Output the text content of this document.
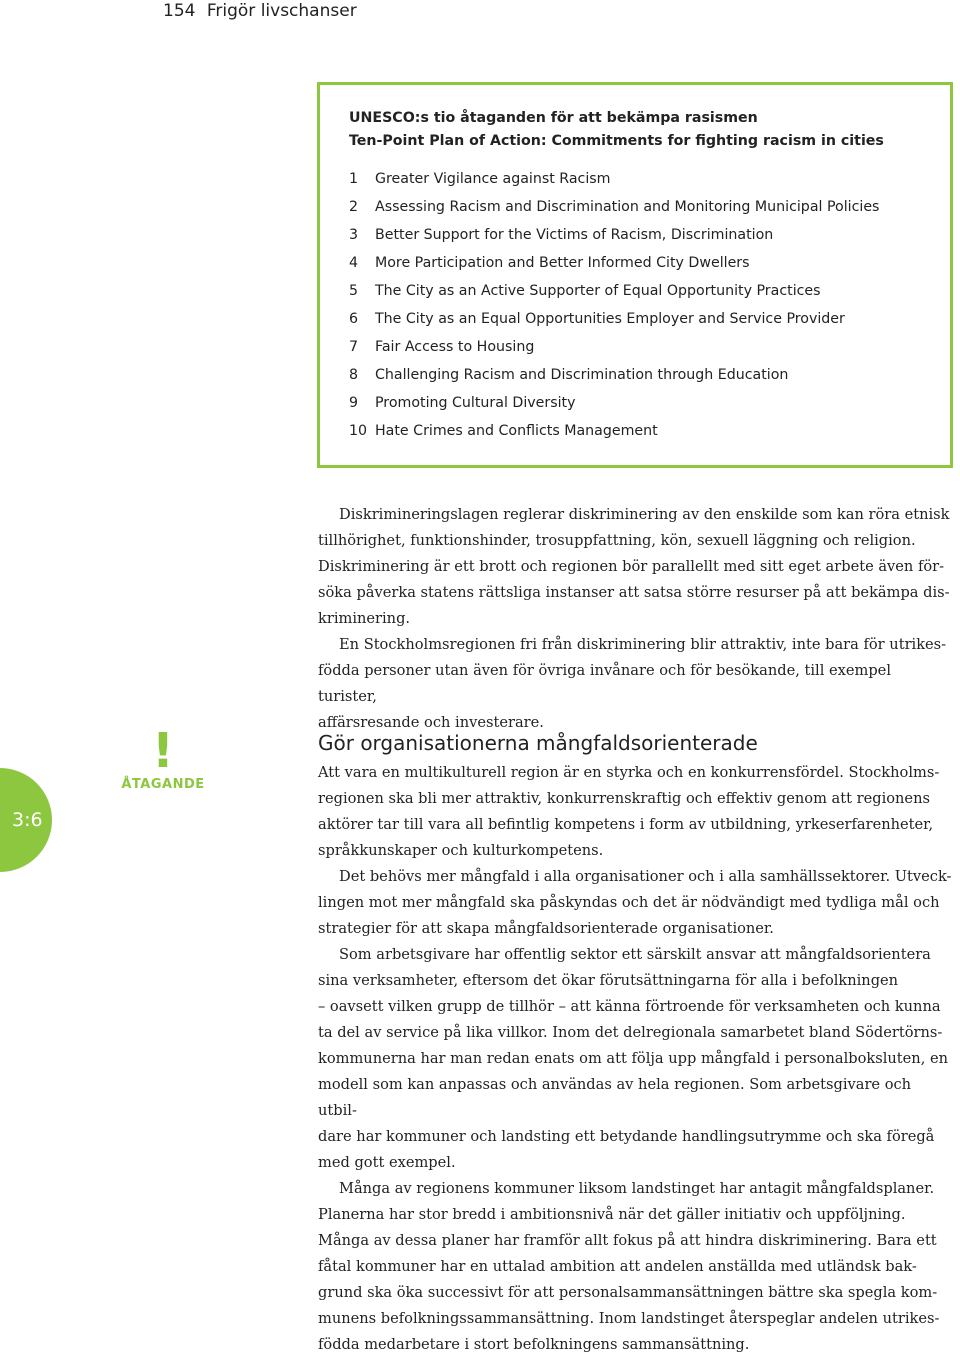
154 Frigör livschanser
UNESCO:s tio åtaganden för att bekämpa rasismen
Ten-Point Plan of Action: Commitments for fighting racism in cities
1	Greater Vigilance against Racism
2	Assessing Racism and Discrimination and Monitoring Municipal Policies
3	Better Support for the Victims of Racism, Discrimination
4	More Participation and Better Informed City Dwellers
5	The City as an Active Supporter of Equal Opportunity Practices
6	The City as an Equal Opportunities Employer and Service Provider
7	Fair Access to Housing
8	Challenging Racism and Discrimination through Education
9	Promoting Cultural Diversity
10 Hate Crimes and Conflicts Management

Diskrimineringslagen reglerar diskriminering av den enskilde som kan röra etnisk
tillhörighet, funktionshinder, trosuppfattning, kön, sexuell läggning och religion.
Diskriminering är ett brott och regionen bör parallellt med sitt eget arbete även för-
söka påverka statens rättsliga instanser att satsa större resurser på att bekämpa dis-
kriminering.

En Stockholmsregionen fri från diskriminering blir attraktiv, inte bara för utrikes-
födda personer utan även för övriga invånare och för besökande, till exempel turister,
affärsresande och investerare.

3:6
!
ÅTAGANDE
Gör organisationerna mångfaldsorienterade

Att vara en multikulturell region är en styrka och en konkurrensfördel. Stockholms-
regionen ska bli mer attraktiv, konkurrenskraftig och effektiv genom att regionens
aktörer tar till vara all befintlig kompetens i form av utbildning, yrkeserfarenheter,
språkkunskaper och kulturkompetens.

Det behövs mer mångfald i alla organisationer och i alla samhällssektorer. Utveck-
lingen mot mer mångfald ska påskyndas och det är nödvändigt med tydliga mål och
strategier för att skapa mångfaldsorienterade organisationer.

Som arbetsgivare har offentlig sektor ett särskilt ansvar att mångfaldsorientera
sina verksamheter, eftersom det ökar förutsättningarna för alla i befolkningen
– oavsett vilken grupp de tillhör – att känna förtroende för verksamheten och kunna
ta del av service på lika villkor. Inom det delregionala samarbetet bland Södertörns-
kommunerna har man redan enats om att följa upp mångfald i personalboksluten, en
modell som kan anpassas och användas av hela regionen. Som arbetsgivare och utbil-
dare har kommuner och landsting ett betydande handlingsutrymme och ska föregå
med gott exempel.

Många av regionens kommuner liksom landstinget har antagit mångfaldsplaner.
Planerna har stor bredd i ambitionsnivå när det gäller initiativ och uppföljning.
Många av dessa planer har framför allt fokus på att hindra diskriminering. Bara ett
fåtal kommuner har en uttalad ambition att andelen anställda med utländsk bak-
grund ska öka successivt för att personalsammansättningen bättre ska spegla kom-
munens befolkningssammansättning. Inom landstinget återspeglar andelen utrikes-
födda medarbetare i stort befolkningens sammansättning.
